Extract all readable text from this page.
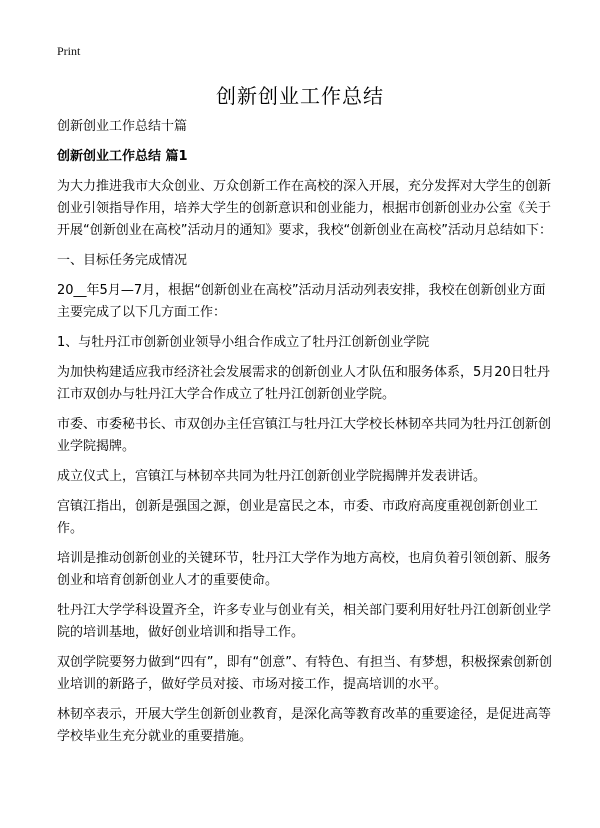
Print
创新创业工作总结

创新创业工作总结十篇

创新创业工作总结 篇1

为大力推进我市大众创业、万众创新工作在高校的深入开展，充分发挥对大学生的创新创业引领指导作用，培养大学生的创新意识和创业能力，根据市创新创业办公室《关于开展“创新创业在高校”活动月的通知》要求，我校“创新创业在高校”活动月总结如下：

一、目标任务完成情况

20__年5月—7月，根据“创新创业在高校”活动月活动列表安排，我校在创新创业方面主要完成了以下几方面工作：

1、与牡丹江市创新创业领导小组合作成立了牡丹江创新创业学院

为加快构建适应我市经济社会发展需求的创新创业人才队伍和服务体系，5月20日牡丹江市双创办与牡丹江大学合作成立了牡丹江创新创业学院。

市委、市委秘书长、市双创办主任宫镇江与牡丹江大学校长林韧卒共同为牡丹江创新创业学院揭牌。

成立仪式上，宫镇江与林韧卒共同为牡丹江创新创业学院揭牌并发表讲话。

宫镇江指出，创新是强国之源，创业是富民之本，市委、市政府高度重视创新创业工作。

培训是推动创新创业的关键环节，牡丹江大学作为地方高校，也肩负着引领创新、服务创业和培育创新创业人才的重要使命。

牡丹江大学学科设置齐全，许多专业与创业有关，相关部门要利用好牡丹江创新创业学院的培训基地，做好创业培训和指导工作。

双创学院要努力做到“四有”，即有“创意”、有特色、有担当、有梦想，积极探索创新创业培训的新路子，做好学员对接、市场对接工作，提高培训的水平。

林韧卒表示，开展大学生创新创业教育，是深化高等教育改革的重要途径，是促进高等学校毕业生充分就业的重要措施。
